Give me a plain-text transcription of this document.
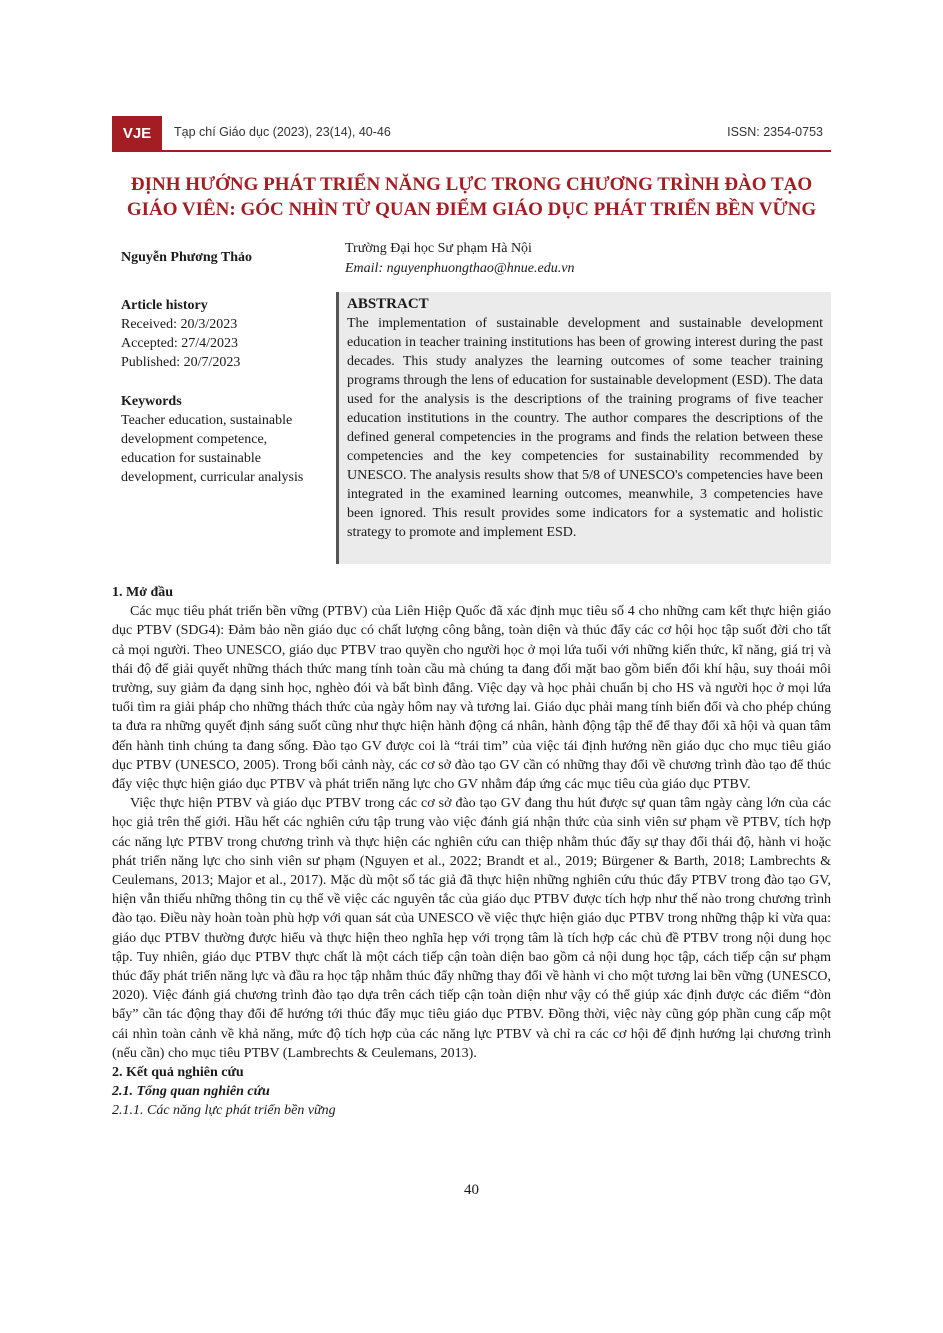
VJE	Tạp chí Giáo dục (2023), 23(14), 40-46	ISSN: 2354-0753
ĐỊNH HƯỚNG PHÁT TRIỂN NĂNG LỰC TRONG CHƯƠNG TRÌNH ĐÀO TẠO
GIÁO VIÊN: GÓC NHÌN TỪ QUAN ĐIỂM GIÁO DỤC PHÁT TRIỂN BỀN VỮNG
Nguyễn Phương Thảo
Trường Đại học Sư phạm Hà Nội
Email: nguyenphuongthao@hnue.edu.vn
Article history
Received: 20/3/2023
Accepted: 27/4/2023
Published: 20/7/2023
Keywords
Teacher education, sustainable development competence, education for sustainable development, curricular analysis
ABSTRACT
The implementation of sustainable development and sustainable development education in teacher training institutions has been of growing interest during the past decades. This study analyzes the learning outcomes of some teacher training programs through the lens of education for sustainable development (ESD). The data used for the analysis is the descriptions of the training programs of five teacher education institutions in the country. The author compares the descriptions of the defined general competencies in the programs and finds the relation between these competencies and the key competencies for sustainability recommended by UNESCO. The analysis results show that 5/8 of UNESCO's competencies have been integrated in the examined learning outcomes, meanwhile, 3 competencies have been ignored. This result provides some indicators for a systematic and holistic strategy to promote and implement ESD.
1. Mở đầu

Các mục tiêu phát triển bền vững (PTBV) của Liên Hiệp Quốc đã xác định mục tiêu số 4 cho những cam kết thực hiện giáo dục PTBV (SDG4): Đảm bảo nền giáo dục có chất lượng công bằng, toàn diện và thúc đẩy các cơ hội học tập suốt đời cho tất cả mọi người. Theo UNESCO, giáo dục PTBV trao quyền cho người học ở mọi lứa tuổi với những kiến thức, kĩ năng, giá trị và thái độ để giải quyết những thách thức mang tính toàn cầu mà chúng ta đang đối mặt bao gồm biến đổi khí hậu, suy thoái môi trường, suy giảm đa dạng sinh học, nghèo đói và bất bình đẳng. Việc dạy và học phải chuẩn bị cho HS và người học ở mọi lứa tuổi tìm ra giải pháp cho những thách thức của ngày hôm nay và tương lai. Giáo dục phải mang tính biến đổi và cho phép chúng ta đưa ra những quyết định sáng suốt cũng như thực hiện hành động cá nhân, hành động tập thể để thay đổi xã hội và quan tâm đến hành tinh chúng ta đang sống. Đào tạo GV được coi là “trái tim” của việc tái định hướng nền giáo dục cho mục tiêu giáo dục PTBV (UNESCO, 2005). Trong bối cảnh này, các cơ sở đào tạo GV cần có những thay đổi về chương trình đào tạo để thúc đẩy việc thực hiện giáo dục PTBV và phát triển năng lực cho GV nhằm đáp ứng các mục tiêu của giáo dục PTBV.

Việc thực hiện PTBV và giáo dục PTBV trong các cơ sở đào tạo GV đang thu hút được sự quan tâm ngày càng lớn của các học giả trên thế giới. Hầu hết các nghiên cứu tập trung vào việc đánh giá nhận thức của sinh viên sư phạm về PTBV, tích hợp các năng lực PTBV trong chương trình và thực hiện các nghiên cứu can thiệp nhằm thúc đẩy sự thay đổi thái độ, hành vi hoặc phát triển năng lực cho sinh viên sư phạm (Nguyen et al., 2022; Brandt et al., 2019; Bürgener & Barth, 2018; Lambrechts & Ceulemans, 2013; Major et al., 2017). Mặc dù một số tác giả đã thực hiện những nghiên cứu thúc đẩy PTBV trong đào tạo GV, hiện vẫn thiếu những thông tin cụ thể về việc các nguyên tắc của giáo dục PTBV được tích hợp như thế nào trong chương trình đào tạo. Điều này hoàn toàn phù hợp với quan sát của UNESCO về việc thực hiện giáo dục PTBV trong những thập kỉ vừa qua: giáo dục PTBV thường được hiểu và thực hiện theo nghĩa hẹp với trọng tâm là tích hợp các chủ đề PTBV trong nội dung học tập. Tuy nhiên, giáo dục PTBV thực chất là một cách tiếp cận toàn diện bao gồm cả nội dung học tập, cách tiếp cận sư phạm thúc đẩy phát triển năng lực và đầu ra học tập nhằm thúc đẩy những thay đổi về hành vi cho một tương lai bền vững (UNESCO, 2020). Việc đánh giá chương trình đào tạo dựa trên cách tiếp cận toàn diện như vậy có thể giúp xác định được các điểm “đòn bẩy” cần tác động thay đổi để hướng tới thúc đẩy mục tiêu giáo dục PTBV. Đồng thời, việc này cũng góp phần cung cấp một cái nhìn toàn cảnh về khả năng, mức độ tích hợp của các năng lực PTBV và chỉ ra các cơ hội để định hướng lại chương trình (nếu cần) cho mục tiêu PTBV (Lambrechts & Ceulemans, 2013).

2. Kết quả nghiên cứu
2.1. Tổng quan nghiên cứu
2.1.1. Các năng lực phát triển bền vững
40
